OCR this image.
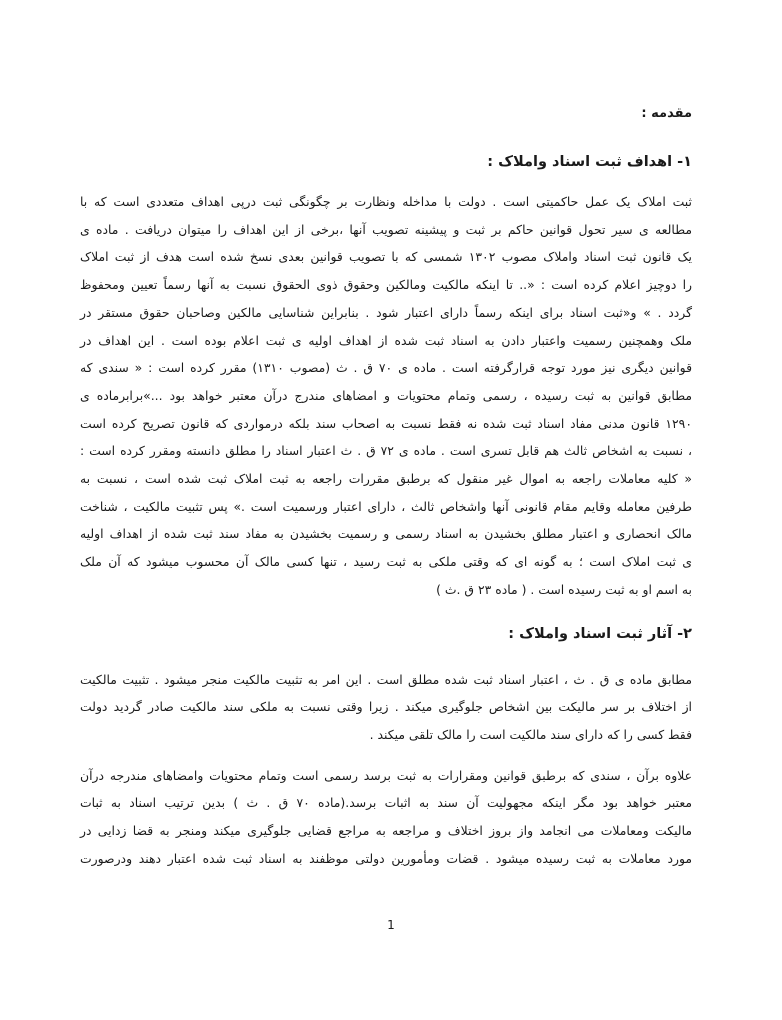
مقدمه :

۱- اهداف ثبت اسناد واملاک :

ثبت املاک یک عمل حاکمیتی است . دولت با مداخله ونظارت بر چگونگی ثبت درپی اهداف متعددی است که با
مطالعه ی سیر تحول قوانین حاکم بر ثبت و پیشینه تصویب آنها ،برخی از این اهداف را میتوان دریافت . ماده ی
یک قانون ثبت اسناد واملاک مصوب ۱۳۰۲ شمسی که با تصویب قوانین بعدی نسخ شده است هدف از ثبت املاک
را دوچیز اعلام کرده است : «.. تا اینکه مالکیت ومالکین وحقوق ذوی الحقوق نسبت به آنها رسماً تعیین ومحفوظ
گردد . » و«ثبت اسناد برای اینکه رسماً دارای اعتبار شود . بنابراین شناسایی مالکین وصاحبان حقوق مستقر در
ملک وهمچنین رسمیت واعتبار دادن به اسناد ثبت شده از اهداف اولیه ی ثبت اعلام بوده است . این اهداف در
قوانین دیگری نیز مورد توجه قرارگرفته است . ماده ی ۷۰ ق . ث (مصوب ۱۳۱۰) مقرر کرده است : « سندی که
مطابق قوانین به ثبت رسیده ، رسمی وتمام محتویات و امضاهای مندرج درآن معتبر خواهد بود ...»برابرماده ی
۱۲۹۰ قانون مدنی مفاد اسناد ثبت شده نه فقط نسبت به اصحاب سند بلکه درمواردی که قانون تصریح کرده است
، نسبت به اشخاص ثالث هم قابل تسری است . ماده ی ۷۲ ق . ث اعتبار اسناد را مطلق دانسته ومقرر کرده است :
« کلیه معاملات راجعه به اموال غیر منقول که برطبق مقررات راجعه به ثبت املاک ثبت شده است ، نسبت به
طرفین معامله وقایم مقام قانونی آنها واشخاص ثالث ، دارای اعتبار ورسمیت است .» پس تثبیت مالکیت ، شناخت
مالک انحصاری و اعتبار مطلق بخشیدن به اسناد رسمی و رسمیت بخشیدن به مفاد سند ثبت شده از اهداف اولیه
ی ثبت املاک است ؛ به گونه ای که وقتی ملکی به ثبت رسید ، تنها کسی مالک آن محسوب میشود که آن ملک
به اسم او به ثبت رسیده است . ( ماده ۲۳ ق .ث )

۲- آثار ثبت اسناد واملاک :

مطابق ماده ی ق . ث ، اعتبار اسناد ثبت شده مطلق است . این امر به تثبیت مالکیت منجر میشود . تثبیت مالکیت
از اختلاف بر سر مالیکت بین اشخاص جلوگیری میکند . زیرا وقتی نسبت به ملکی سند مالکیت صادر گردید دولت
فقط کسی را که دارای سند مالکیت است را مالک تلقی میکند .

علاوه برآن ، سندی که برطبق قوانین ومقرارات به ثبت برسد رسمی است وتمام محتویات وامضاهای مندرجه درآن
معتبر خواهد بود مگر اینکه مجهولیت آن سند به اثبات برسد.(ماده ۷۰ ق . ث ) بدین ترتیب اسناد به ثبات
مالیکت ومعاملات می انجامد واز بروز اختلاف و مراجعه به مراجع قضایی جلوگیری میکند ومنجر به قضا زدایی در
مورد معاملات به ثبت رسیده میشود . قضات ومأمورین دولتی موظفند به اسناد ثبت شده اعتبار دهند ودرصورت

1
